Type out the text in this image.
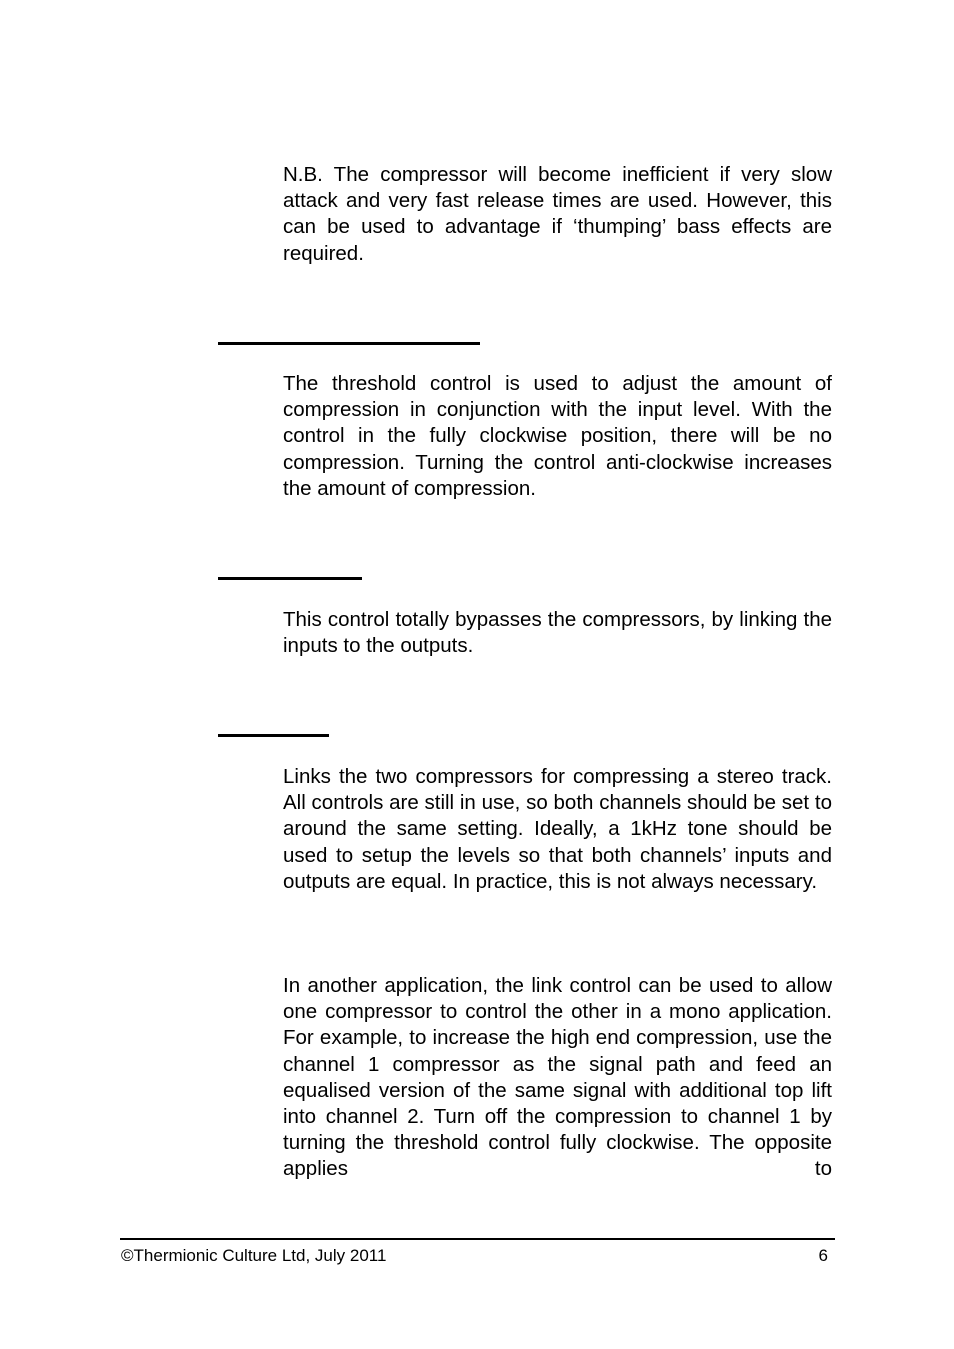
N.B. The compressor will become inefficient if very slow attack and very fast release times are used. However, this can be used to advantage if ‘thumping’ bass effects are required.

The threshold control is used to adjust the amount of compression in conjunction with the input level. With the control in the fully clockwise position, there will be no compression. Turning the control anti-clockwise increases the amount of compression.

This control totally bypasses the compressors, by linking the inputs to the outputs.

Links the two compressors for compressing a stereo track. All controls are still in use, so both channels should be set to around the same setting. Ideally, a 1kHz tone should be used to setup the levels so that both channels’ inputs and outputs are equal. In practice, this is not always necessary.

In another application, the link control can be used to allow one compressor to control the other in a mono application. For example, to increase the high end compression, use the channel 1 compressor as the signal path and feed an equalised version of the same signal with additional top lift into channel 2. Turn off the compression to channel 1 by turning the threshold control fully clockwise. The opposite applies to

©Thermionic Culture Ltd, July 2011	6
